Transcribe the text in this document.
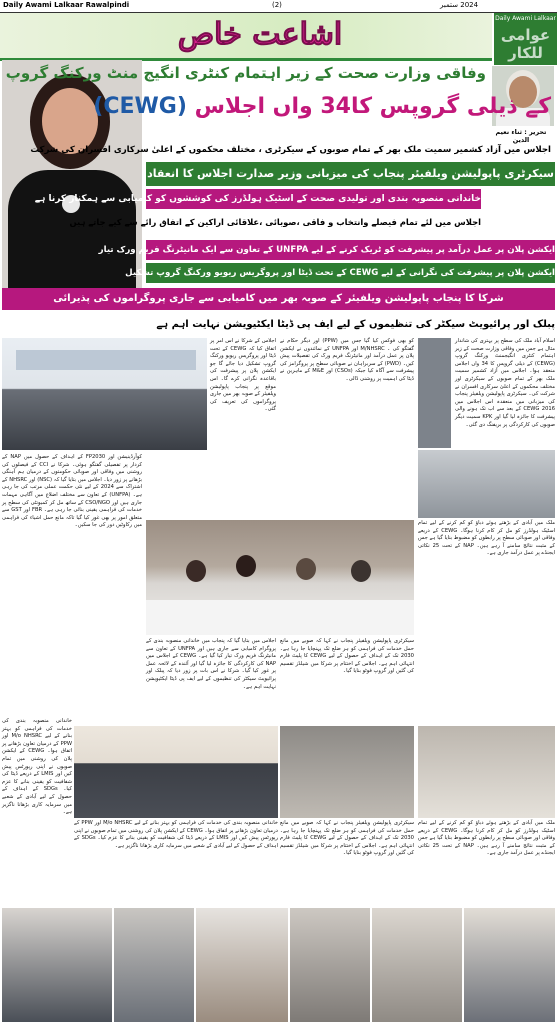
Daily Awami Lalkaar Rawalpindi	(2)	2024 ستمبر
اشاعت خاص	Daily Awami Lalkaar
عوامی للکار
وفاقی وزارت صحت کے زیر اہتمام کنٹری انگیج منٹ ورکنگ گروپ
تحریر : ثناء نعیم الدین
کے ذیلی گروپس کا34 واں اجلاس (CEWG)
اجلاس میں آزاد کشمیر سمیت ملک بھر کے تمام صوبوں کے سیکرٹری ، مختلف محکموں کے اعلیٰ سرکاری افسران کی شرکت
سیکرٹری پاپولیشن ویلفیئر پنجاب کی میزبانی وزیر صدارت اجلاس کا انعقاد
خاندانی منصوبہ بندی اور تولیدی صحت کے اسٹیک ہولڈرز کی کوششوں کو کامیابی سے ہمکنار کرنا ہے
اجلاس میں لئے تمام فیصلے وانتخاب و فاقی ،صوبائی ،علاقائی اراکین کے اتفاق رائے سے کیے جاتے ہیں
ایکشن پلان پر عمل درآمد پر پیشرفت کو ٹریک کرنے کے لیے UNFPA کے تعاون سے ایک مانیٹرنگ فریم ورک تیار
ایکشن پلان پر پیشرفت کی نگرانی کے لیے CEWG کے تحت ڈیٹا اور پروگریس ریویو ورکنگ گروپ تشکیل
شرکا کا پنجاب پاپولیشن ویلفیئر کے صوبہ بھر میں کامیابی سے جاری پروگراموں کی پذیرائی
پبلک اور پرائیویٹ سیکٹر کی تنظیموں کے لیے ایف پی ڈیٹا ایکٹیویشن نہایت اہم ہے
اسلام آباد ملک کی سطح پر بہتری کی شاندار مثال ہے جس میں وفاقی وزارت صحت کے زیر اہتمام کنٹری انگیجمنٹ ورکنگ گروپ (CEWG) کے ذیلی گروپس کا 34 واں اجلاس منعقد ہوا۔ اجلاس میں آزاد کشمیر سمیت ملک بھر کے تمام صوبوں کے سیکرٹری اور مختلف محکموں کے اعلیٰ سرکاری افسران نے شرکت کی۔ سیکرٹری پاپولیشن ویلفیئر پنجاب کی میزبانی میں منعقدہ اس اجلاس میں CEWG 2016 کے بعد سے اب تک ہونے والی پیشرفت کا جائزہ لیا گیا اور KPK سمیت دیگر صوبوں کی کارکردگی پر بریفنگ دی گئی۔
کو بھی فوکس کیا گیا جس میں (PPW) اور دیگر حکام نے گفتگو کی ۔ M/NHSRC اور UNFPA کے نمائندوں نے ایکشن پلان پر عمل درآمد اور مانیٹرنگ فریم ورک کی تفصیلات پیش کیں۔ (PWD) کے سربراہان نے صوبائی سطح پر پروگرامز کی پیشرفت سے آگاہ کیا جبکہ (CSOs) اور M&E کے ماہرین نے ڈیٹا کی اہمیت پر روشنی ڈالی۔
اجلاس کے شرکا نے اس امر پر اتفاق کیا کہ CEWG کے تحت ڈیٹا اور پروگریس ریویو ورکنگ گروپ تشکیل دیا جائے گا جو ایکشن پلان پر پیشرفت کی باقاعدہ نگرانی کرے گا۔ اس موقع پر پنجاب پاپولیشن ویلفیئر کے صوبہ بھر میں جاری پروگراموں کی تعریف کی گئی۔
کوآرڈینیشن اور FP2030 کے اہداف کے حصول میں NAP کے کردار پر تفصیلی گفتگو ہوئی۔ شرکا نے CCI کے فیصلوں کی روشنی میں وفاقی اور صوبائی حکومتوں کے درمیان ہم آہنگی بڑھانے پر زور دیا۔ اجلاس میں بتایا گیا کہ (NSC) اور NHSRC کے اشتراک سے 2024 کے لیے نئی حکمت عملی مرتب کی جا رہی ہے۔ (UNFPA) کے تعاون سے مختلف اضلاع میں آگاہی مہمات جاری ہیں اور CSO/NGO کے ساتھ مل کر کمیونٹی کی سطح پر خدمات کی فراہمی یقینی بنائی جا رہی ہے۔ FBR اور GST سے متعلق امور پر بھی غور کیا گیا تاکہ مانع حمل اشیاء کی فراہمی میں رکاوٹیں دور کی جا سکیں۔
خاندانی منصوبہ بندی کی خدمات کی فراہمی کو بہتر بنانے کے لیے M/o NHSRC اور PPW کے درمیان تعاون بڑھانے پر اتفاق ہوا۔ CEWG کے ایکشن پلان کی روشنی میں تمام صوبوں نے اپنی رپورٹس پیش کیں اور LMIS کے ذریعے ڈیٹا کی شفافیت کو یقینی بنانے کا عزم کیا۔ SDGs کے اہداف کے حصول کے لیے آبادی کے شعبے میں سرمایہ کاری بڑھانا ناگزیر ہے۔
اجلاس میں بتایا گیا کہ پنجاب میں خاندانی منصوبہ بندی کے پروگرام کامیابی سے جاری ہیں اور UNFPA کے تعاون سے مانیٹرنگ فریم ورک تیار کیا گیا ہے۔ CEWG کے اجلاس میں NAP کی کارکردگی کا جائزہ لیا گیا اور آئندہ کے لائحہ عمل پر غور کیا گیا۔ شرکا نے اس بات پر زور دیا کہ پبلک اور پرائیویٹ سیکٹر کی تنظیموں کے لیے ایف پی ڈیٹا ایکٹیویشن نہایت اہم ہے۔
سیکرٹری پاپولیشن ویلفیئر پنجاب نے کہا کہ صوبے میں مانع حمل خدمات کی فراہمی کو ہر ضلع تک پہنچایا جا رہا ہے۔ 2030 تک کے اہداف کے حصول کے لیے CEWG کا پلیٹ فارم انتہائی اہم ہے۔ اجلاس کے اختتام پر شرکا میں شیلڈز تقسیم کی گئیں اور گروپ فوٹو بنایا گیا۔
ملک میں آبادی کے بڑھتے ہوئے دباؤ کو کم کرنے کے لیے تمام اسٹیک ہولڈرز کو مل کر کام کرنا ہوگا۔ CEWG کے ذریعے وفاقی اور صوبائی سطح پر رابطوں کو مضبوط بنایا گیا ہے جس کے مثبت نتائج سامنے آ رہے ہیں۔ NAP کے تحت 25 نکاتی ایجنڈے پر عمل درآمد جاری ہے۔
خاندانی منصوبہ بندی کی خدمات کی فراہمی کو بہتر بنانے کے لیے M/o NHSRC اور PPW کے درمیان تعاون بڑھانے پر اتفاق ہوا۔ CEWG کے ایکشن پلان کی روشنی میں تمام صوبوں نے اپنی رپورٹس پیش کیں اور LMIS کے ذریعے ڈیٹا کی شفافیت کو یقینی بنانے کا عزم کیا۔ SDGs کے اہداف کے حصول کے لیے آبادی کے شعبے میں سرمایہ کاری بڑھانا ناگزیر ہے۔
سیکرٹری پاپولیشن ویلفیئر پنجاب نے کہا کہ صوبے میں مانع حمل خدمات کی فراہمی کو ہر ضلع تک پہنچایا جا رہا ہے۔ 2030 تک کے اہداف کے حصول کے لیے CEWG کا پلیٹ فارم انتہائی اہم ہے۔ اجلاس کے اختتام پر شرکا میں شیلڈز تقسیم کی گئیں اور گروپ فوٹو بنایا گیا۔
ملک میں آبادی کے بڑھتے ہوئے دباؤ کو کم کرنے کے لیے تمام اسٹیک ہولڈرز کو مل کر کام کرنا ہوگا۔ CEWG کے ذریعے وفاقی اور صوبائی سطح پر رابطوں کو مضبوط بنایا گیا ہے جس کے مثبت نتائج سامنے آ رہے ہیں۔ NAP کے تحت 25 نکاتی ایجنڈے پر عمل درآمد جاری ہے۔
